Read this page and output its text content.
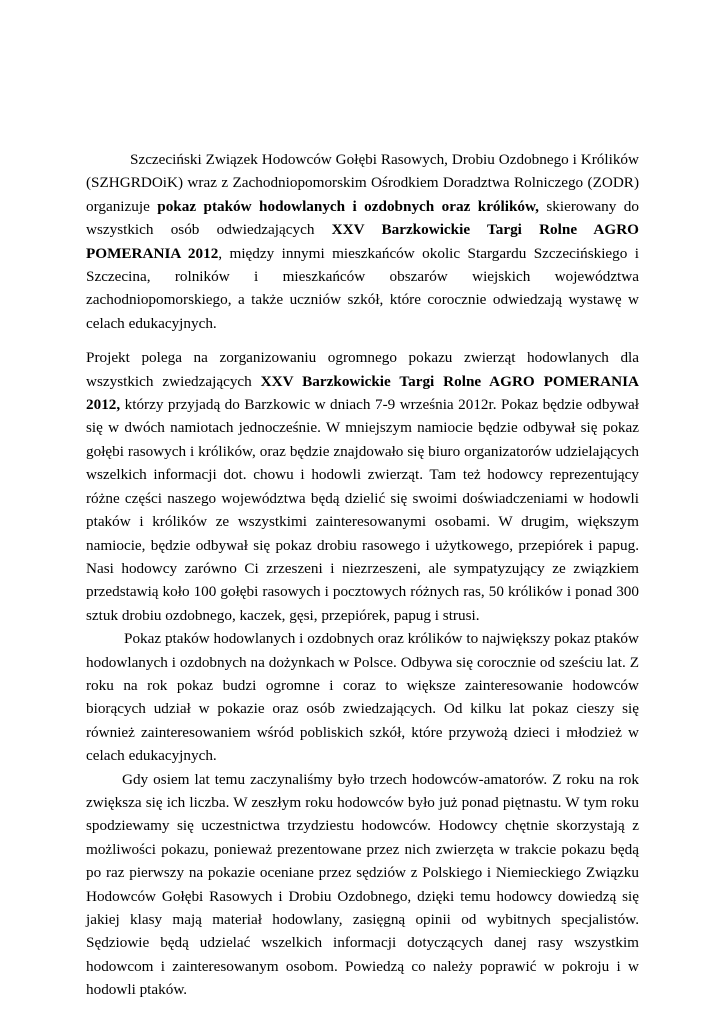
Szczeciński Związek Hodowców Gołębi Rasowych, Drobiu Ozdobnego i Królików (SZHGRDOiK) wraz z Zachodniopomorskim Ośrodkiem Doradztwa Rolniczego (ZODR) organizuje pokaz ptaków hodowlanych i ozdobnych oraz królików, skierowany do wszystkich osób odwiedzających XXV Barzkowickie Targi Rolne AGRO POMERANIA 2012, między innymi mieszkańców okolic Stargardu Szczecińskiego i Szczecina, rolników i mieszkańców obszarów wiejskich województwa zachodniopomorskiego, a także uczniów szkół, które corocznie odwiedzają wystawę w celach edukacyjnych.

Projekt polega na zorganizowaniu ogromnego pokazu zwierząt hodowlanych dla wszystkich zwiedzających XXV Barzkowickie Targi Rolne AGRO POMERANIA 2012, którzy przyjadą do Barzkowic w dniach 7-9 września 2012r. Pokaz będzie odbywał się w dwóch namiotach jednocześnie. W mniejszym namiocie będzie odbywał się pokaz gołębi rasowych i królików, oraz będzie znajdowało się biuro organizatorów udzielających wszelkich informacji dot. chowu i hodowli zwierząt. Tam też hodowcy reprezentujący różne części naszego województwa będą dzielić się swoimi doświadczeniami w hodowli ptaków i królików ze wszystkimi zainteresowanymi osobami. W drugim, większym namiocie, będzie odbywał się pokaz drobiu rasowego i użytkowego, przepiórek i papug. Nasi hodowcy zarówno Ci zrzeszeni i niezrzeszeni, ale sympatyzujący ze związkiem przedstawią koło 100 gołębi rasowych i pocztowych różnych ras, 50 królików i ponad 300 sztuk drobiu ozdobnego, kaczek, gęsi, przepiórek, papug i strusi.

Pokaz ptaków hodowlanych i ozdobnych oraz królików to największy pokaz ptaków hodowlanych i ozdobnych na dożynkach w Polsce. Odbywa się corocznie od sześciu lat. Z roku na rok pokaz budzi ogromne i coraz to większe zainteresowanie hodowców biorących udział w pokazie oraz osób zwiedzających. Od kilku lat pokaz cieszy się również zainteresowaniem wśród pobliskich szkół, które przywożą dzieci i młodzież w celach edukacyjnych.

Gdy osiem lat temu zaczynaliśmy było trzech hodowców-amatorów. Z roku na rok zwiększa się ich liczba. W zeszłym roku hodowców było już ponad piętnastu. W tym roku spodziewamy się uczestnictwa trzydziestu hodowców. Hodowcy chętnie skorzystają z możliwości pokazu, ponieważ prezentowane przez nich zwierzęta w trakcie pokazu będą po raz pierwszy na pokazie oceniane przez sędziów z Polskiego i Niemieckiego Związku Hodowców Gołębi Rasowych i Drobiu Ozdobnego, dzięki temu hodowcy dowiedzą się jakiej klasy mają materiał hodowlany, zasięgną opinii od wybitnych specjalistów. Sędziowie będą udzielać wszelkich informacji dotyczących danej rasy wszystkim hodowcom i zainteresowanym osobom. Powiedzą co należy poprawić w pokroju i w hodowli ptaków.
